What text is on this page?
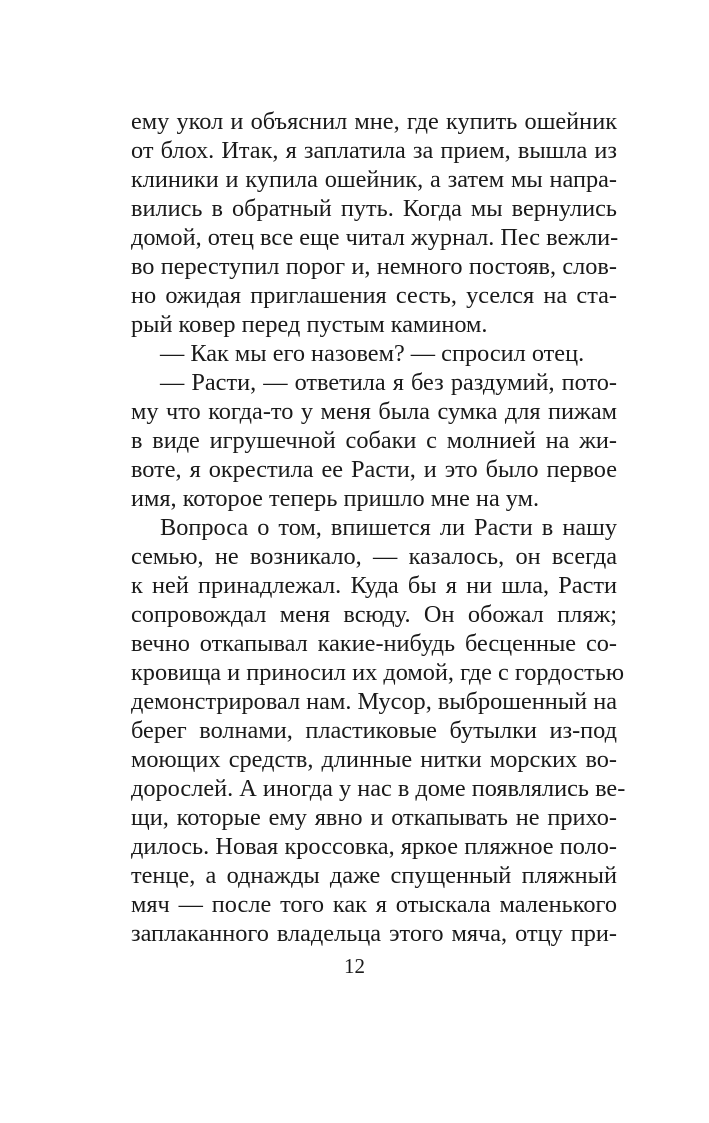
ему укол и объяснил мне, где купить ошейник
от блох. Итак, я заплатила за прием, вышла из
клиники и купила ошейник, а затем мы напра-
вились в обратный путь. Когда мы вернулись
домой, отец все еще читал журнал. Пес вежли-
во переступил порог и, немного постояв, слов-
но ожидая приглашения сесть, уселся на ста-
рый ковер перед пустым камином.
— Как мы его назовем? — спросил отец.
— Расти, — ответила я без раздумий, пото-
му что когда-то у меня была сумка для пижам
в виде игрушечной собаки с молнией на жи-
воте, я окрестила ее Расти, и это было первое
имя, которое теперь пришло мне на ум.
Вопроса о том, впишется ли Расти в нашу
семью, не возникало, — казалось, он всегда
к ней принадлежал. Куда бы я ни шла, Расти
сопровождал меня всюду. Он обожал пляж;
вечно откапывал какие-нибудь бесценные со-
кровища и приносил их домой, где с гордостью
демонстрировал нам. Мусор, выброшенный на
берег волнами, пластиковые бутылки из-под
моющих средств, длинные нитки морских во-
дорослей. А иногда у нас в доме появлялись ве-
щи, которые ему явно и откапывать не прихо-
дилось. Новая кроссовка, яркое пляжное поло-
тенце, а однажды даже спущенный пляжный
мяч — после того как я отыскала маленького
заплаканного владельца этого мяча, отцу при-
12
